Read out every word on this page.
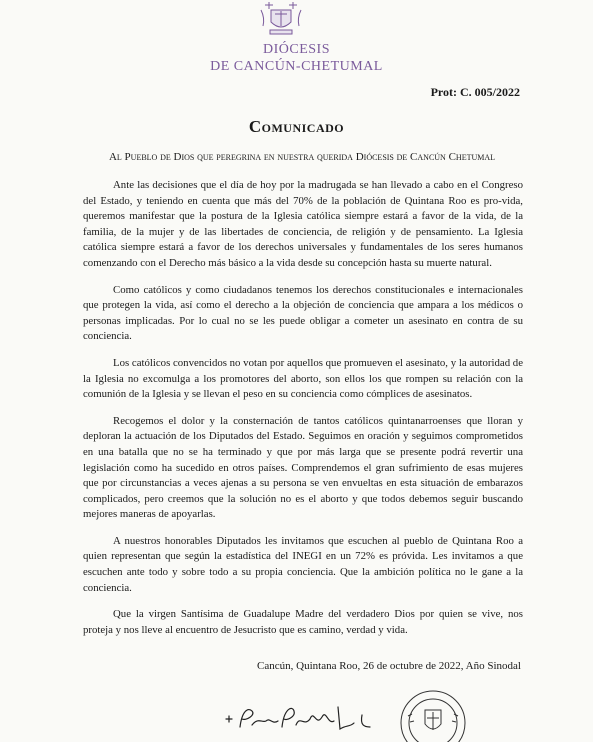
DIÓCESIS
DE CANCÚN-CHETUMAL
Prot: C. 005/2022
Comunicado
Al Pueblo de Dios que peregrina en nuestra querida Diócesis de Cancún Chetumal

Ante las decisiones que el día de hoy por la madrugada se han llevado a cabo en el Congreso del Estado, y teniendo en cuenta que más del 70% de la población de Quintana Roo es pro-vida, queremos manifestar que la postura de la Iglesia católica siempre estará a favor de la vida, de la familia, de la mujer y de las libertades de conciencia, de religión y de pensamiento. La Iglesia católica siempre estará a favor de los derechos universales y fundamentales de los seres humanos comenzando con el Derecho más básico a la vida desde su concepción hasta su muerte natural.

Como católicos y como ciudadanos tenemos los derechos constitucionales e internacionales que protegen la vida, así como el derecho a la objeción de conciencia que ampara a los médicos o personas implicadas. Por lo cual no se les puede obligar a cometer un asesinato en contra de su conciencia.

Los católicos convencidos no votan por aquellos que promueven el asesinato, y la autoridad de la Iglesia no excomulga a los promotores del aborto, son ellos los que rompen su relación con la comunión de la Iglesia y se llevan el peso en su conciencia como cómplices de asesinatos.

Recogemos el dolor y la consternación de tantos católicos quintanarroenses que lloran y deploran la actuación de los Diputados del Estado. Seguimos en oración y seguimos comprometidos en una batalla que no se ha terminado y que por más larga que se presente podrá revertir una legislación como ha sucedido en otros países. Comprendemos el gran sufrimiento de esas mujeres que por circunstancias a veces ajenas a su persona se ven envueltas en esta situación de embarazos complicados, pero creemos que la solución no es el aborto y que todos debemos seguir buscando mejores maneras de apoyarlas.

A nuestros honorables Diputados les invitamos que escuchen al pueblo de Quintana Roo a quien representan que según la estadística del INEGI en un 72% es próvida. Les invitamos a que escuchen ante todo y sobre todo a su propia conciencia. Que la ambición política no le gane a la conciencia.

Que la virgen Santísima de Guadalupe Madre del verdadero Dios por quien se vive, nos proteja y nos lleve al encuentro de Jesucristo que es camino, verdad y vida.

Cancún, Quintana Roo, 26 de octubre de 2022, Año Sinodal
